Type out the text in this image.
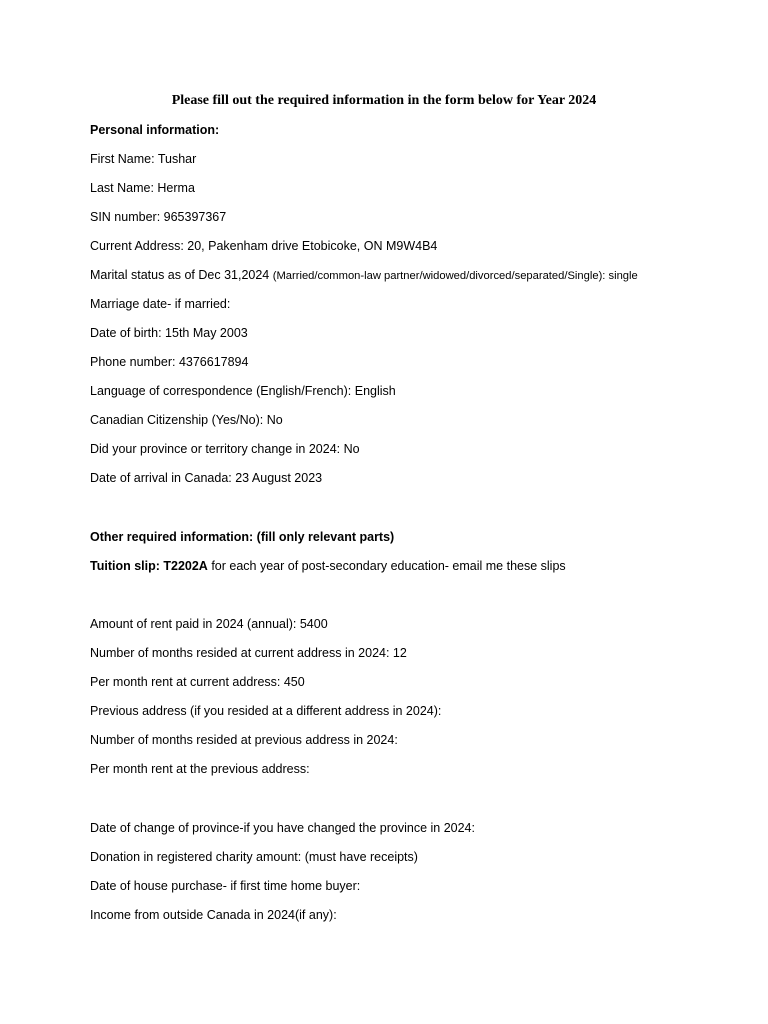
Please fill out the required information in the form below for Year 2024
Personal information:
First Name: Tushar
Last Name: Herma
SIN number: 965397367
Current Address: 20, Pakenham drive Etobicoke, ON M9W4B4
Marital status as of Dec 31,2024 (Married/common-law partner/widowed/divorced/separated/Single): single
Marriage date- if married:
Date of birth: 15th May 2003
Phone number: 4376617894
Language of correspondence (English/French): English
Canadian Citizenship (Yes/No): No
Did your province or territory change in 2024: No
Date of arrival in Canada: 23 August 2023
Other required information: (fill only relevant parts)
Tuition slip: T2202A for each year of post-secondary education- email me these slips
Amount of rent paid in 2024 (annual): 5400
Number of months resided at current address in 2024: 12
Per month rent at current address: 450
Previous address (if you resided at a different address in 2024):
Number of months resided at previous address in 2024:
Per month rent at the previous address:
Date of change of province-if you have changed the province in 2024:
Donation in registered charity amount: (must have receipts)
Date of house purchase- if first time home buyer:
Income from outside Canada in 2024(if any):
